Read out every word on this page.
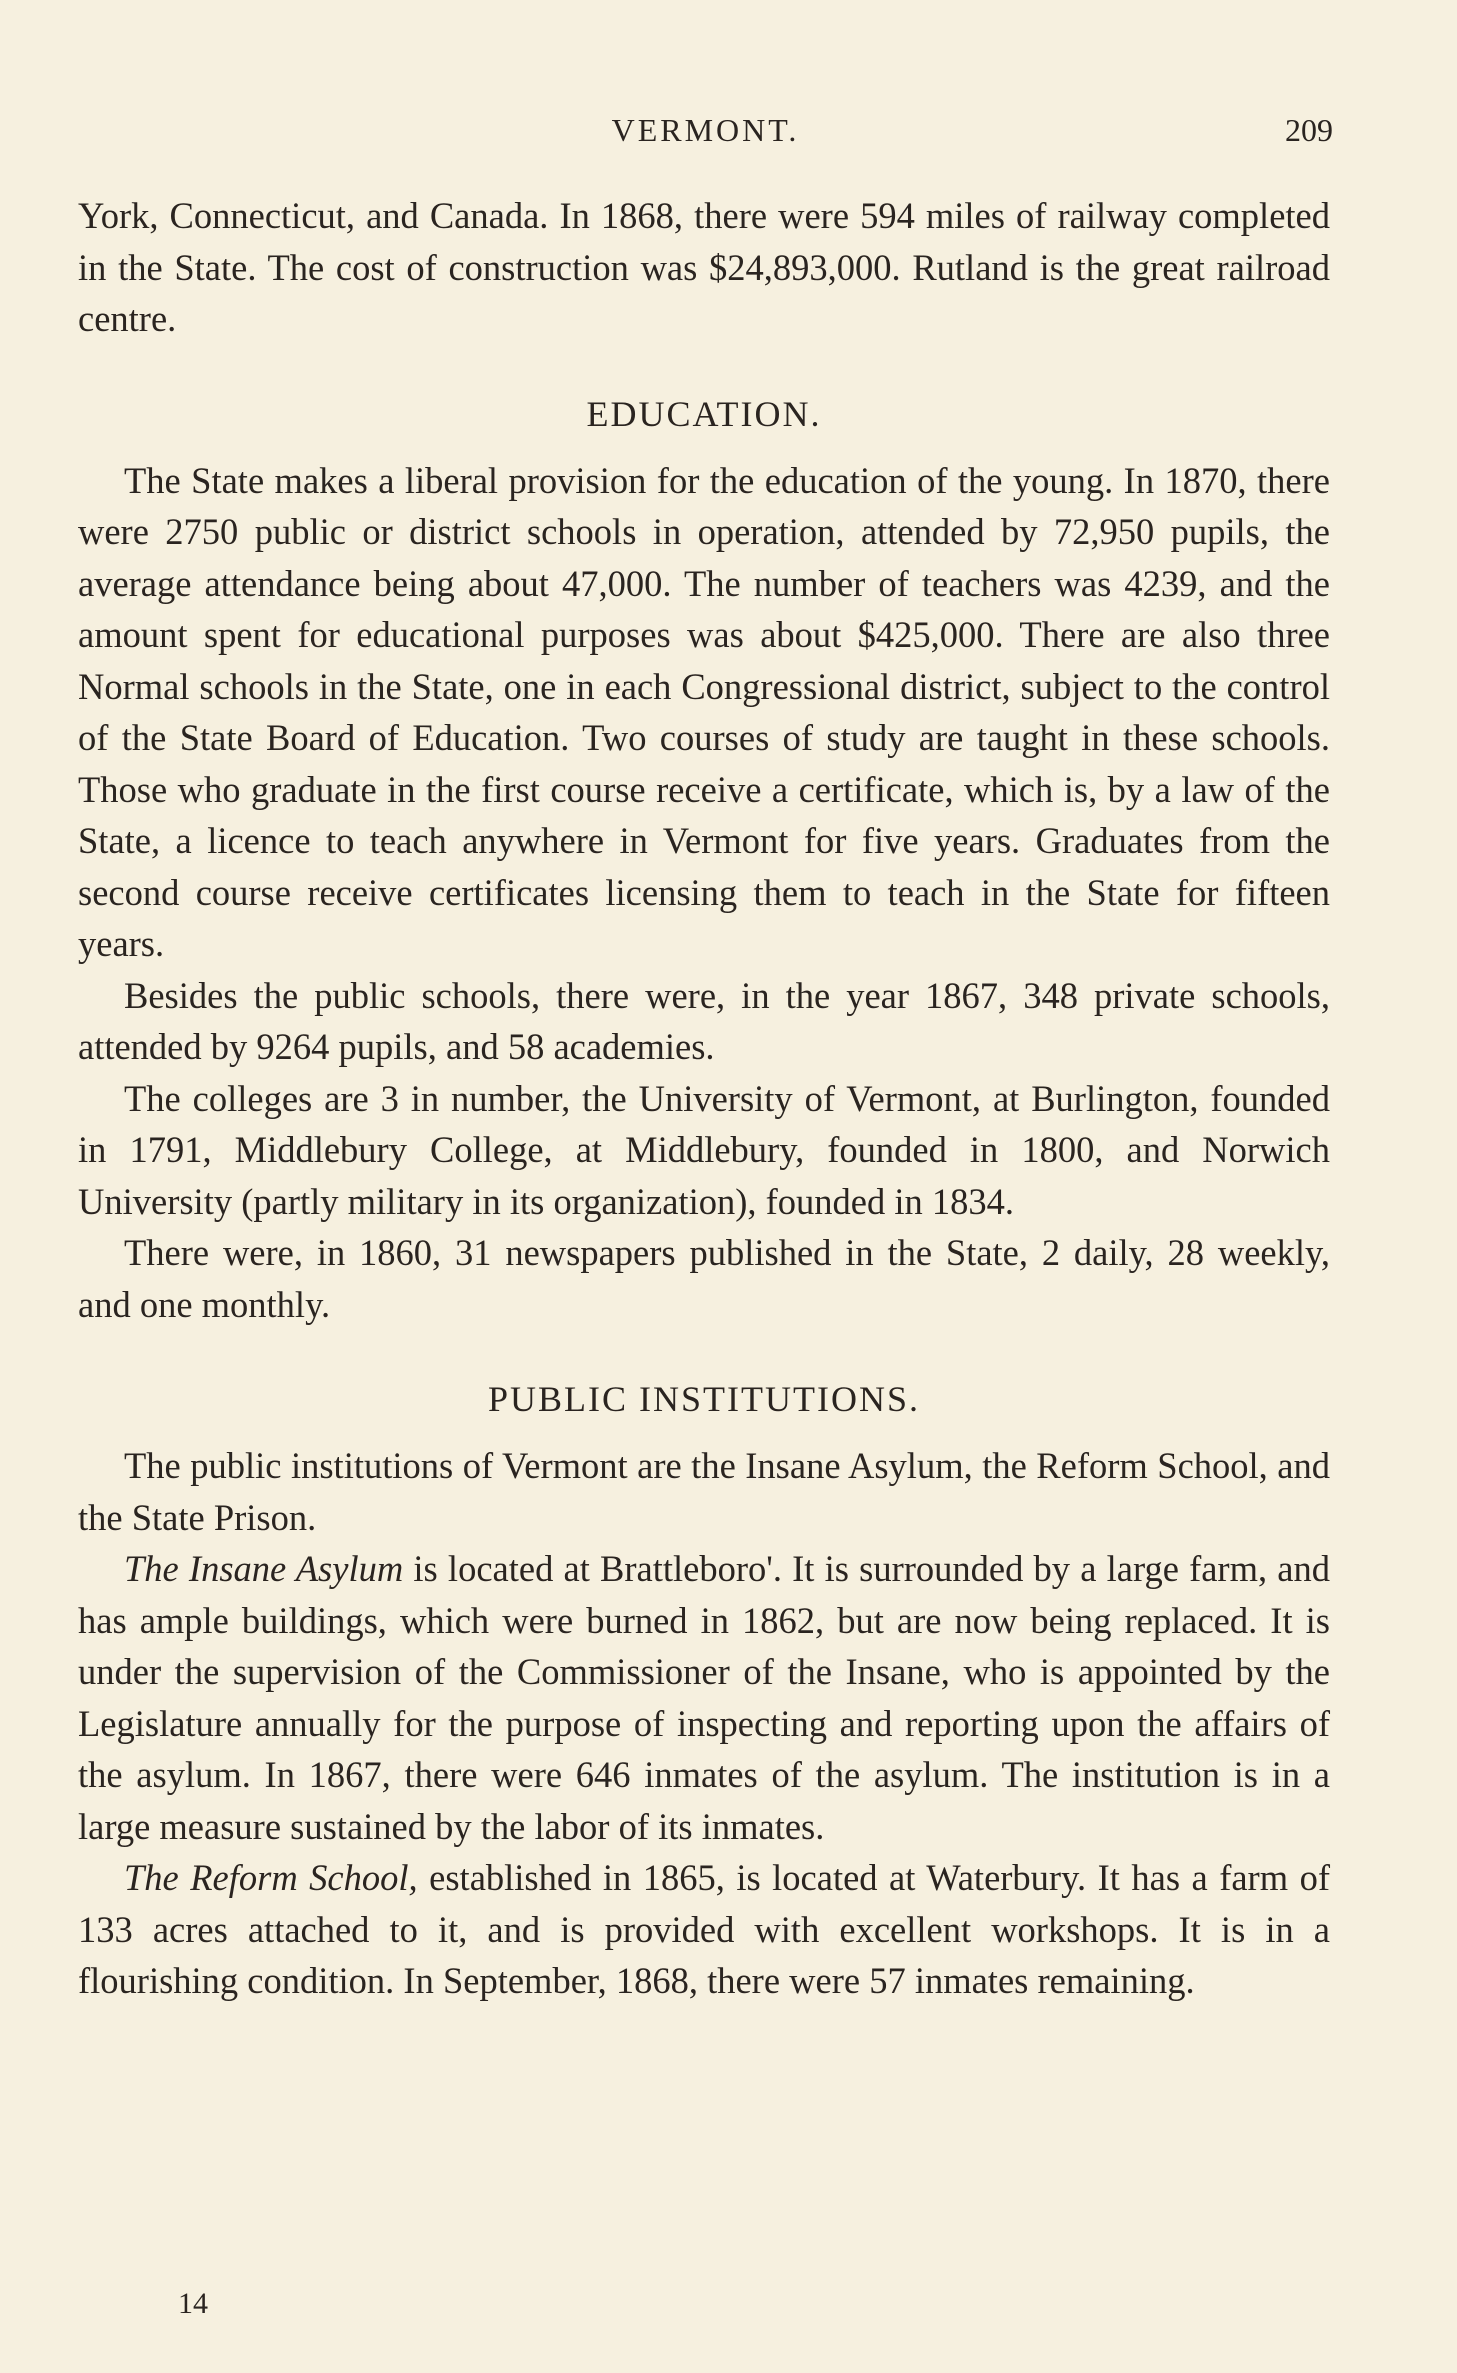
VERMONT.	209

York, Connecticut, and Canada. In 1868, there were 594 miles of railway completed in the State. The cost of construction was $24,893,000. Rutland is the great railroad centre.

EDUCATION.

The State makes a liberal provision for the education of the young. In 1870, there were 2750 public or district schools in operation, attended by 72,950 pupils, the average attendance being about 47,000. The number of teachers was 4239, and the amount spent for educational purposes was about $425,000. There are also three Normal schools in the State, one in each Congressional district, subject to the control of the State Board of Education. Two courses of study are taught in these schools. Those who graduate in the first course receive a certificate, which is, by a law of the State, a licence to teach anywhere in Vermont for five years. Graduates from the second course receive certificates licensing them to teach in the State for fifteen years.

Besides the public schools, there were, in the year 1867, 348 private schools, attended by 9264 pupils, and 58 academies.

The colleges are 3 in number, the University of Vermont, at Burlington, founded in 1791, Middlebury College, at Middlebury, founded in 1800, and Norwich University (partly military in its organization), founded in 1834.

There were, in 1860, 31 newspapers published in the State, 2 daily, 28 weekly, and one monthly.

PUBLIC INSTITUTIONS.

The public institutions of Vermont are the Insane Asylum, the Reform School, and the State Prison.

The Insane Asylum is located at Brattleboro'. It is surrounded by a large farm, and has ample buildings, which were burned in 1862, but are now being replaced. It is under the supervision of the Commissioner of the Insane, who is appointed by the Legislature annually for the purpose of inspecting and reporting upon the affairs of the asylum. In 1867, there were 646 inmates of the asylum. The institution is in a large measure sustained by the labor of its inmates.

The Reform School, established in 1865, is located at Waterbury. It has a farm of 133 acres attached to it, and is provided with excellent workshops. It is in a flourishing condition. In September, 1868, there were 57 inmates remaining.

14
